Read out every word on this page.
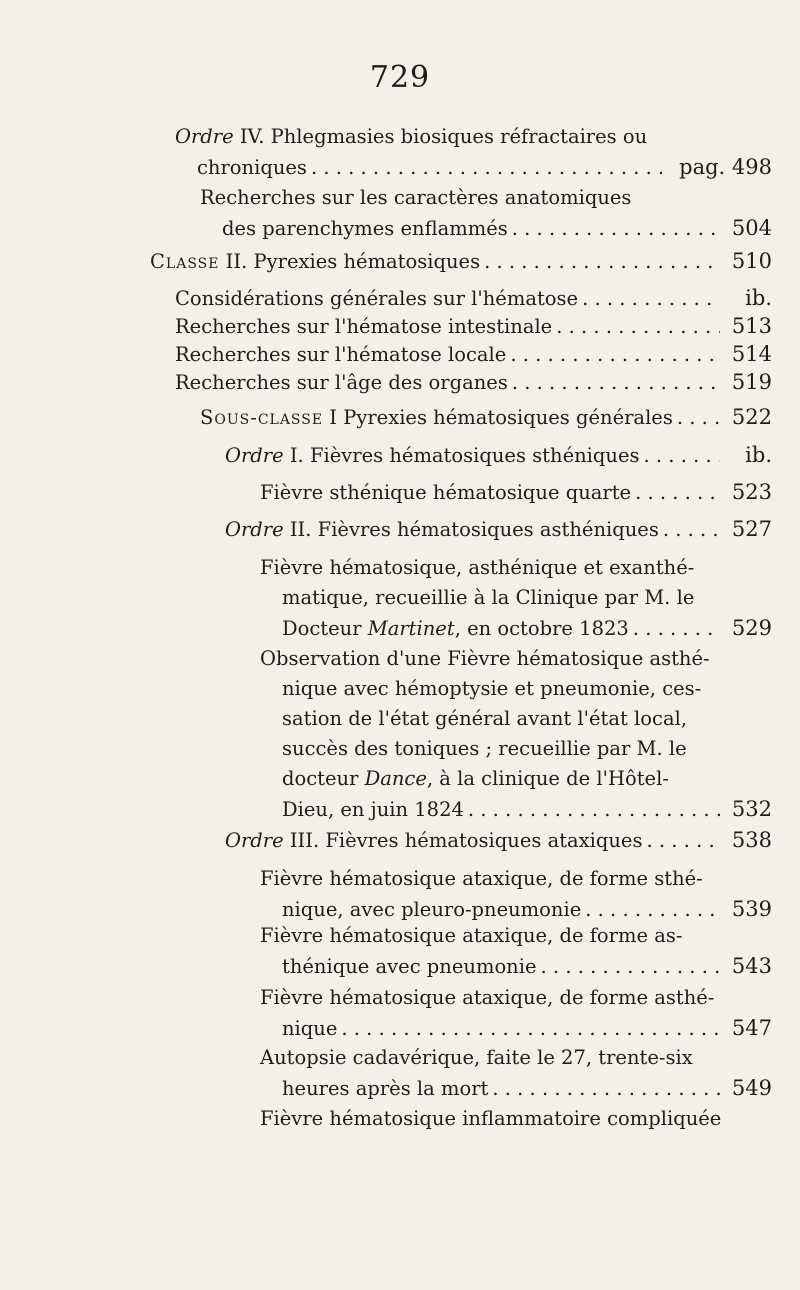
729
Ordre IV. Phlegmasies biosiques réfractaires ou
chroniques . . .	pag. 498
Recherches sur les caractères anatomiques
des parenchymes enflammés . . .	504
Classe II. Pyrexies hématosiques . . .	510
Considérations générales sur l'hématose . . .	ib.
Recherches sur l'hématose intestinale . . .	513
Recherches sur l'hématose locale . . .	514
Recherches sur l'âge des organes . . .	519
Sous-classe I Pyrexies hématosiques générales . . .	522
Ordre I. Fièvres hématosiques sthéniques . . .	ib.
Fièvre sthénique hématosique quarte . . .	523
Ordre II. Fièvres hématosiques asthéniques . . .	527
Fièvre hématosique, asthénique et exanthé-
matique, recueillie à la Clinique par M. le
Docteur Martinet, en octobre 1823 . . .	529
Observation d'une Fièvre hématosique asthé-
nique avec hémoptysie et pneumonie, ces-
sation de l'état général avant l'état local,
succès des toniques ; recueillie par M. le
docteur Dance, à la clinique de l'Hôtel-
Dieu, en juin 1824 . . .	532
Ordre III. Fièvres hématosiques ataxiques . . .	538
Fièvre hématosique ataxique, de forme sthé-
nique, avec pleuro-pneumonie . . .	539
Fièvre hématosique ataxique, de forme as-
thénique avec pneumonie . . .	543
Fièvre hématosique ataxique, de forme asthé-
nique . . .	547
Autopsie cadavérique, faite le 27, trente-six
heures après la mort . . .	549
Fièvre hématosique inflammatoire compliquée
